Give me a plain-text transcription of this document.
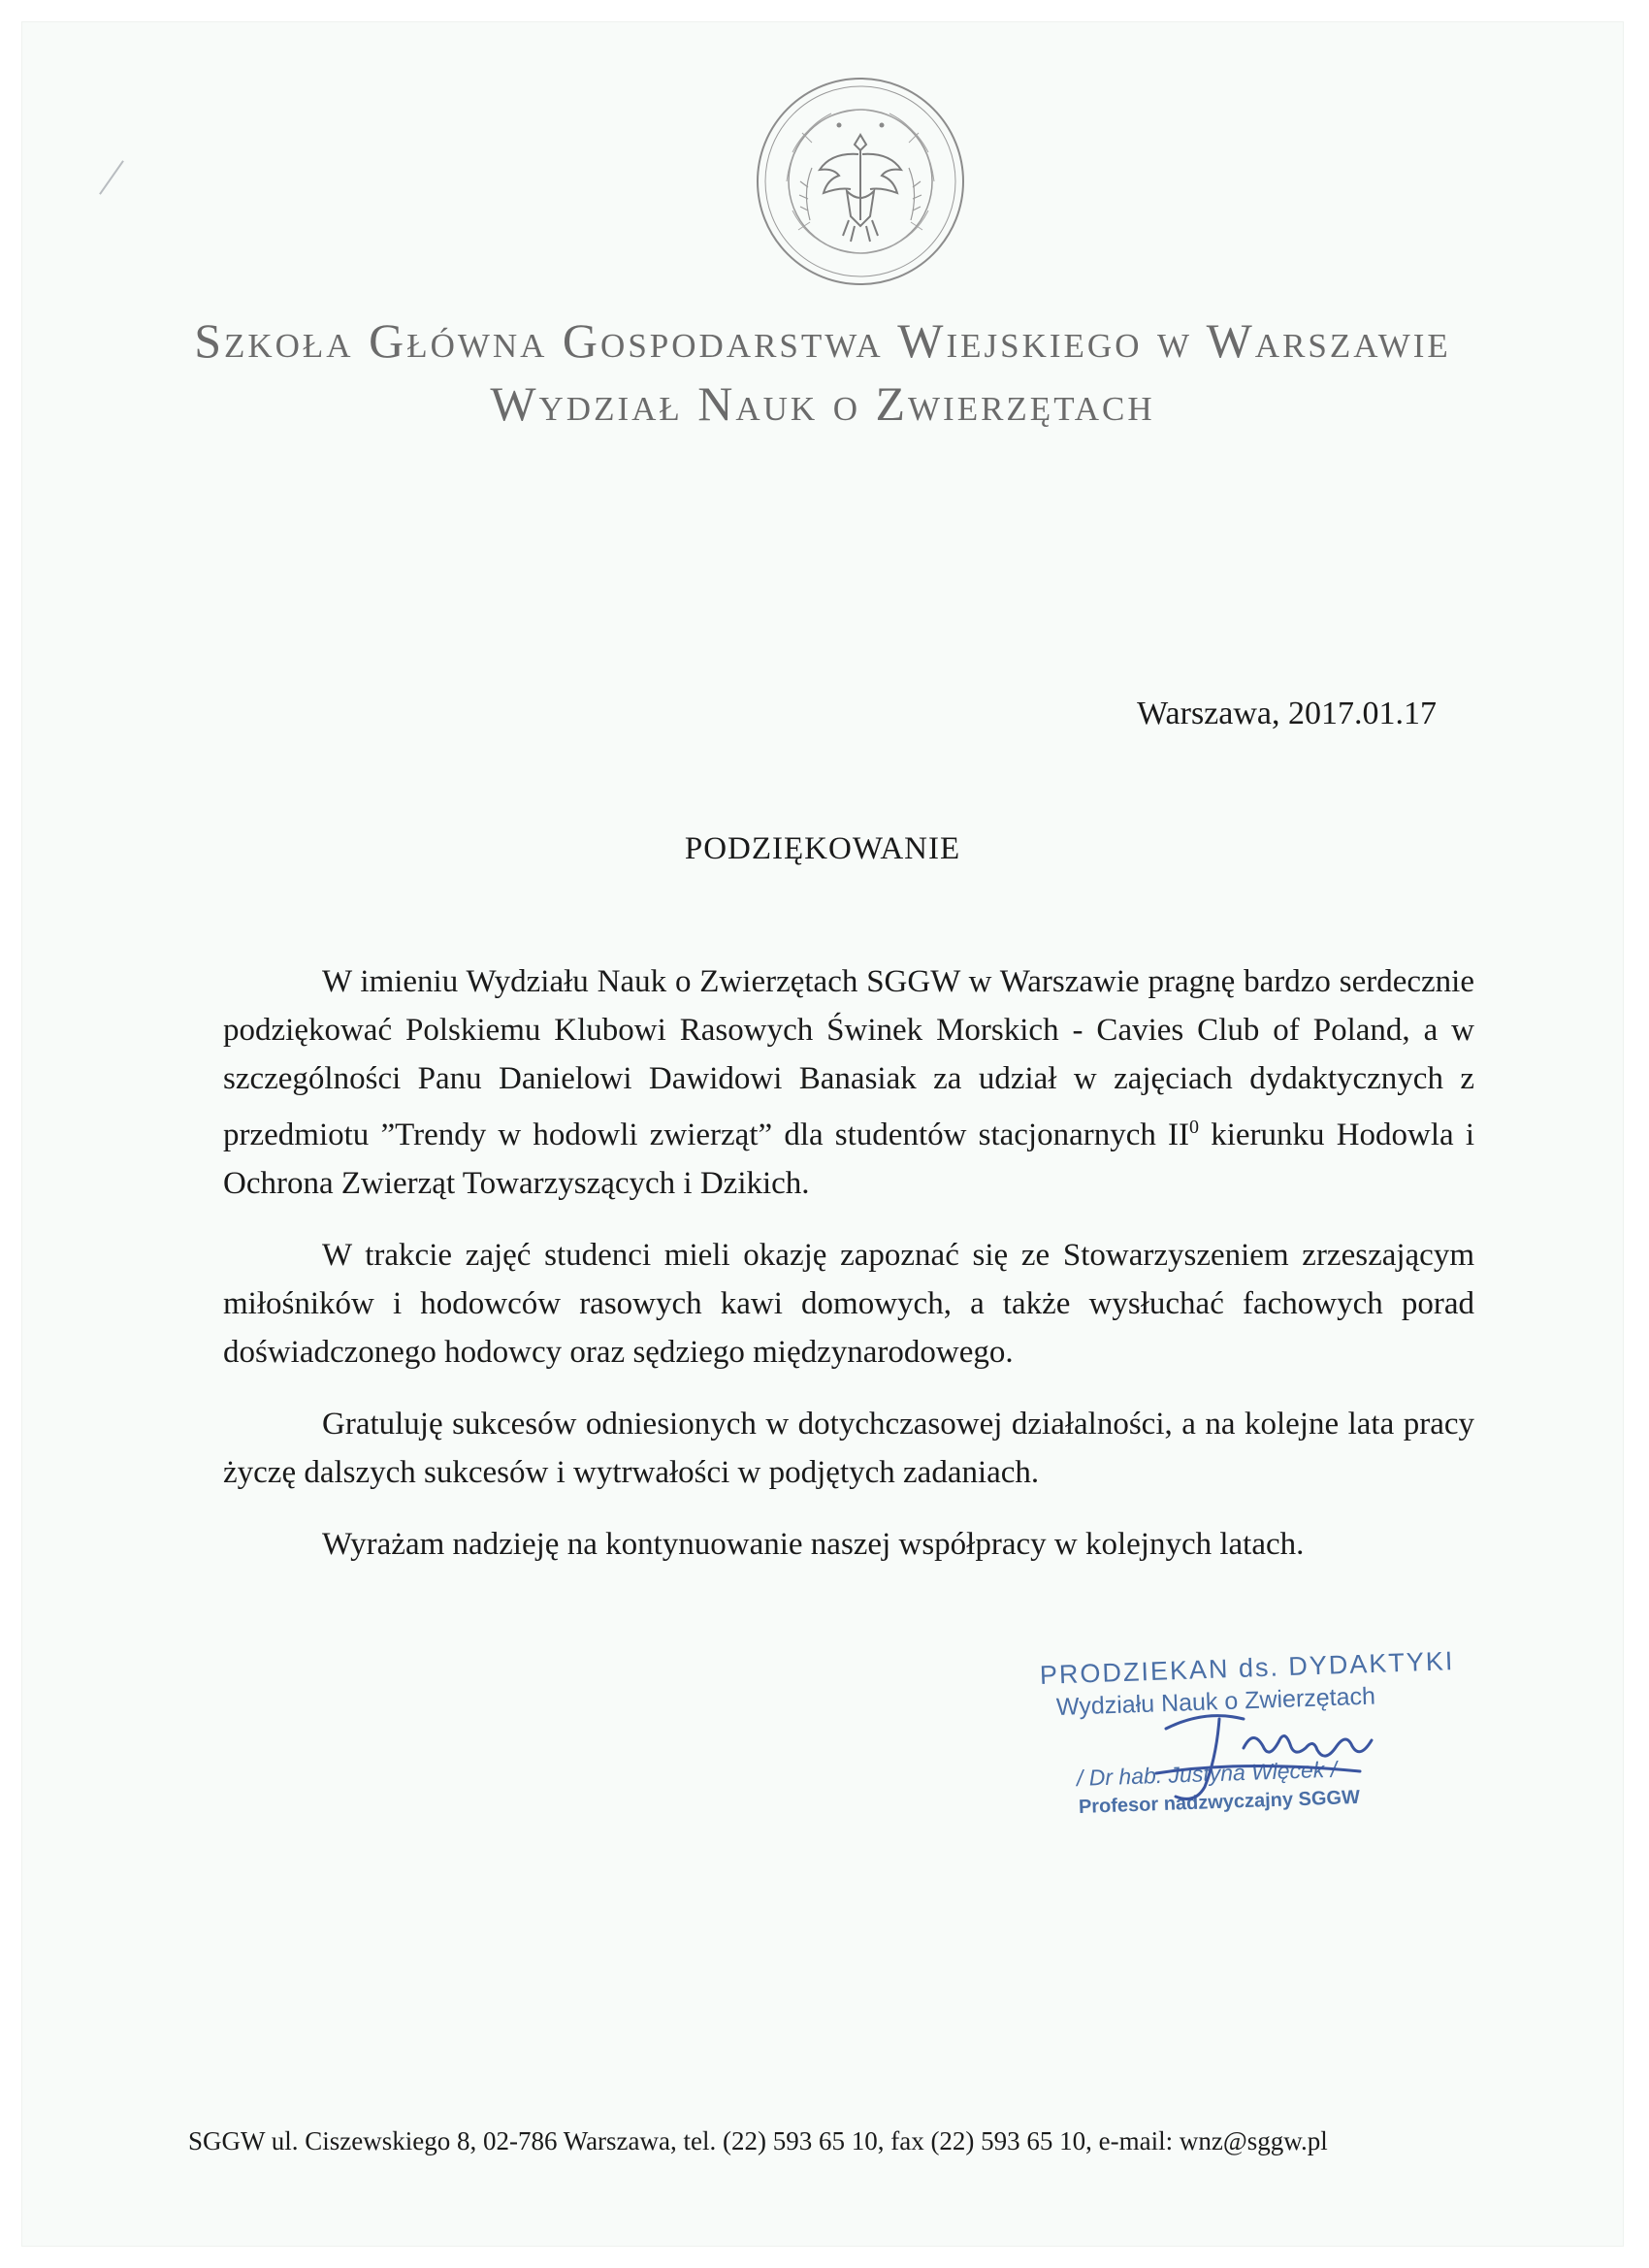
Szkoła Główna Gospodarstwa Wiejskiego w Warszawie
Wydział Nauk o Zwierzętach
Warszawa, 2017.01.17
PODZIĘKOWANIE

W imieniu Wydziału Nauk o Zwierzętach SGGW w Warszawie pragnę bardzo serdecznie podziękować Polskiemu Klubowi Rasowych Świnek Morskich - Cavies Club of Poland, a w szczególności Panu Danielowi Dawidowi Banasiak za udział w zajęciach dydaktycznych z przedmiotu ”Trendy w hodowli zwierząt” dla studentów stacjonarnych $II^0$ kierunku Hodowla i Ochrona Zwierząt Towarzyszących i Dzikich.

W trakcie zajęć studenci mieli okazję zapoznać się ze Stowarzyszeniem zrzeszającym miłośników i hodowców rasowych kawi domowych, a także wysłuchać fachowych porad doświadczonego hodowcy oraz sędziego międzynarodowego.

Gratuluję sukcesów odniesionych w dotychczasowej działalności, a na kolejne lata pracy życzę dalszych sukcesów i wytrwałości w podjętych zadaniach.

Wyrażam nadzieję na kontynuowanie naszej współpracy w kolejnych latach.

PRODZIEKAN ds. DYDAKTYKI
Wydziału Nauk o Zwierzętach
/ Dr hab. Justyna Więcek /
Profesor nadzwyczajny SGGW
SGGW ul. Ciszewskiego 8, 02-786 Warszawa, tel. (22) 593 65 10, fax (22) 593 65 10, e-mail: wnz@sggw.pl
